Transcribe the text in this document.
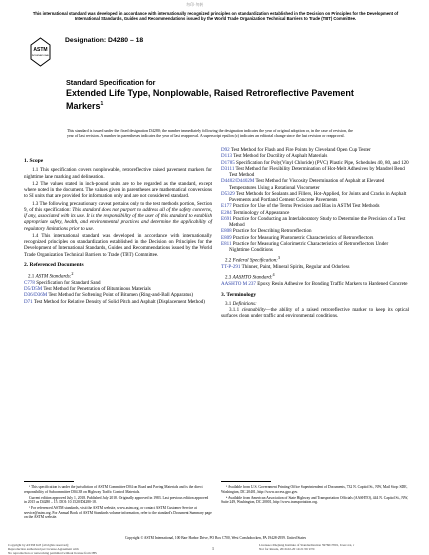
勿印·勿转
This international standard was developed in accordance with internationally recognized principles on standardization established in the Decision on Principles for the Development of International Standards, Guides and Recommendations issued by the World Trade Organization Technical Barriers to Trade (TBT) Committee.
ASTM
INTERNATIONAL
Designation: D4280 – 18
Standard Specification for
Extended Life Type, Nonplowable, Raised Retroreflective Pavement Markers$^1$
This standard is issued under the fixed designation D4280; the number immediately following the designation indicates the year of original adoption or, in the case of revision, the year of last revision. A number in parentheses indicates the year of last reapproval. A superscript epsilon (ε) indicates an editorial change since the last revision or reapproval.
1. Scope

1.1 This specification covers nonplowable, retroreflective raised pavement markers for nighttime lane marking and delineation.

1.2 The values stated in inch-pound units are to be regarded as the standard, except where noted in the document. The values given in parentheses are mathematical conversions to SI units that are provided for information only and are not considered standard.

1.3 The following precautionary caveat pertains only to the test methods portion, Section 9, of this specification: This standard does not purport to address all of the safety concerns, if any, associated with its use. It is the responsibility of the user of this standard to establish appropriate safety, health, and environmental practices and determine the applicability of regulatory limitations prior to use.

1.4 This international standard was developed in accordance with internationally recognized principles on standardization established in the Decision on Principles for the Development of International Standards, Guides and Recommendations issued by the World Trade Organization Technical Barriers to Trade (TBT) Committee.

2. Referenced Documents

2.1 ASTM Standards:$^2$

C778 Specification for Standard Sand

D5/D5M Test Method for Penetration of Bituminous Materials

D36/D36M Test Method for Softening Point of Bitumen (Ring-and-Ball Apparatus)

D71 Test Method for Relative Density of Solid Pitch and Asphalt (Displacement Method)

D92 Test Method for Flash and Fire Points by Cleveland Open Cup Tester

D113 Test Method for Ductility of Asphalt Materials

D1785 Specification for Poly(Vinyl Chloride) (PVC) Plastic Pipe, Schedules 40, 80, and 120

D3111 Test Method for Flexibility Determination of Hot-Melt Adhesives by Mandrel Bend Test Method

D4402/D4402M Test Method for Viscosity Determination of Asphalt at Elevated Temperatures Using a Rotational Viscometer

D5329 Test Methods for Sealants and Fillers, Hot-Applied, for Joints and Cracks in Asphalt Pavements and Portland Cement Concrete Pavements

E177 Practice for Use of the Terms Precision and Bias in ASTM Test Methods

E284 Terminology of Appearance

E691 Practice for Conducting an Interlaboratory Study to Determine the Precision of a Test Method

E808 Practice for Describing Retroreflection

E809 Practice for Measuring Photometric Characteristics of Retroreflectors

E811 Practice for Measuring Colorimetric Characteristics of Retroreflectors Under Nighttime Conditions

2.2 Federal Specification:$^3$

TT-P-291 Thinner, Paint, Mineral Spirits, Regular and Odorless

2.3 AASHTO Standard:$^4$

AASHTO M 237 Epoxy Resin Adhesive for Bonding Traffic Markers to Hardened Concrete

3. Terminology

3.1 Definitions:

3.1.1 cleanability—the ability of a raised retroreflective marker to keep its optical surfaces clean under traffic and environmental conditions.

¹ This specification is under the jurisdiction of ASTM Committee D04 on Road and Paving Materials and is the direct responsibility of Subcommittee D04.38 on Highway Traffic Control Materials.

Current edition approved July 1, 2018. Published July 2018. Originally approved in 1983. Last previous edition approved in 2015 as D4280 – 15. DOI: 10.1520/D4280-18.

² For referenced ASTM standards, visit the ASTM website, www.astm.org, or contact ASTM Customer Service at service@astm.org. For Annual Book of ASTM Standards volume information, refer to the standard's Document Summary page on the ASTM website.

³ Available from U.S. Government Printing Office Superintendent of Documents, 732 N. Capitol St., NW, Mail Stop: SDE, Washington, DC 20401, http://www.access.gpo.gov.

⁴ Available from American Association of State Highway and Transportation Officials (AASHTO), 444 N. Capitol St., NW, Suite 249, Washington, DC 20001, http://www.transportation.org.

Copyright © ASTM International, 100 Barr Harbor Drive, PO Box C700, West Conshohocken, PA 19428-2959. United States
Copyright by ASTM Int'l (all rights reserved);
Reproduction authorized per License Agreement with
No reproduction or networking permitted without license from IHS
1
Licensee=Zhejiang Institute of Standardization 5976617001, User=xx, r
Not for Resale, 2019-02-20 14:21:56 UTC
